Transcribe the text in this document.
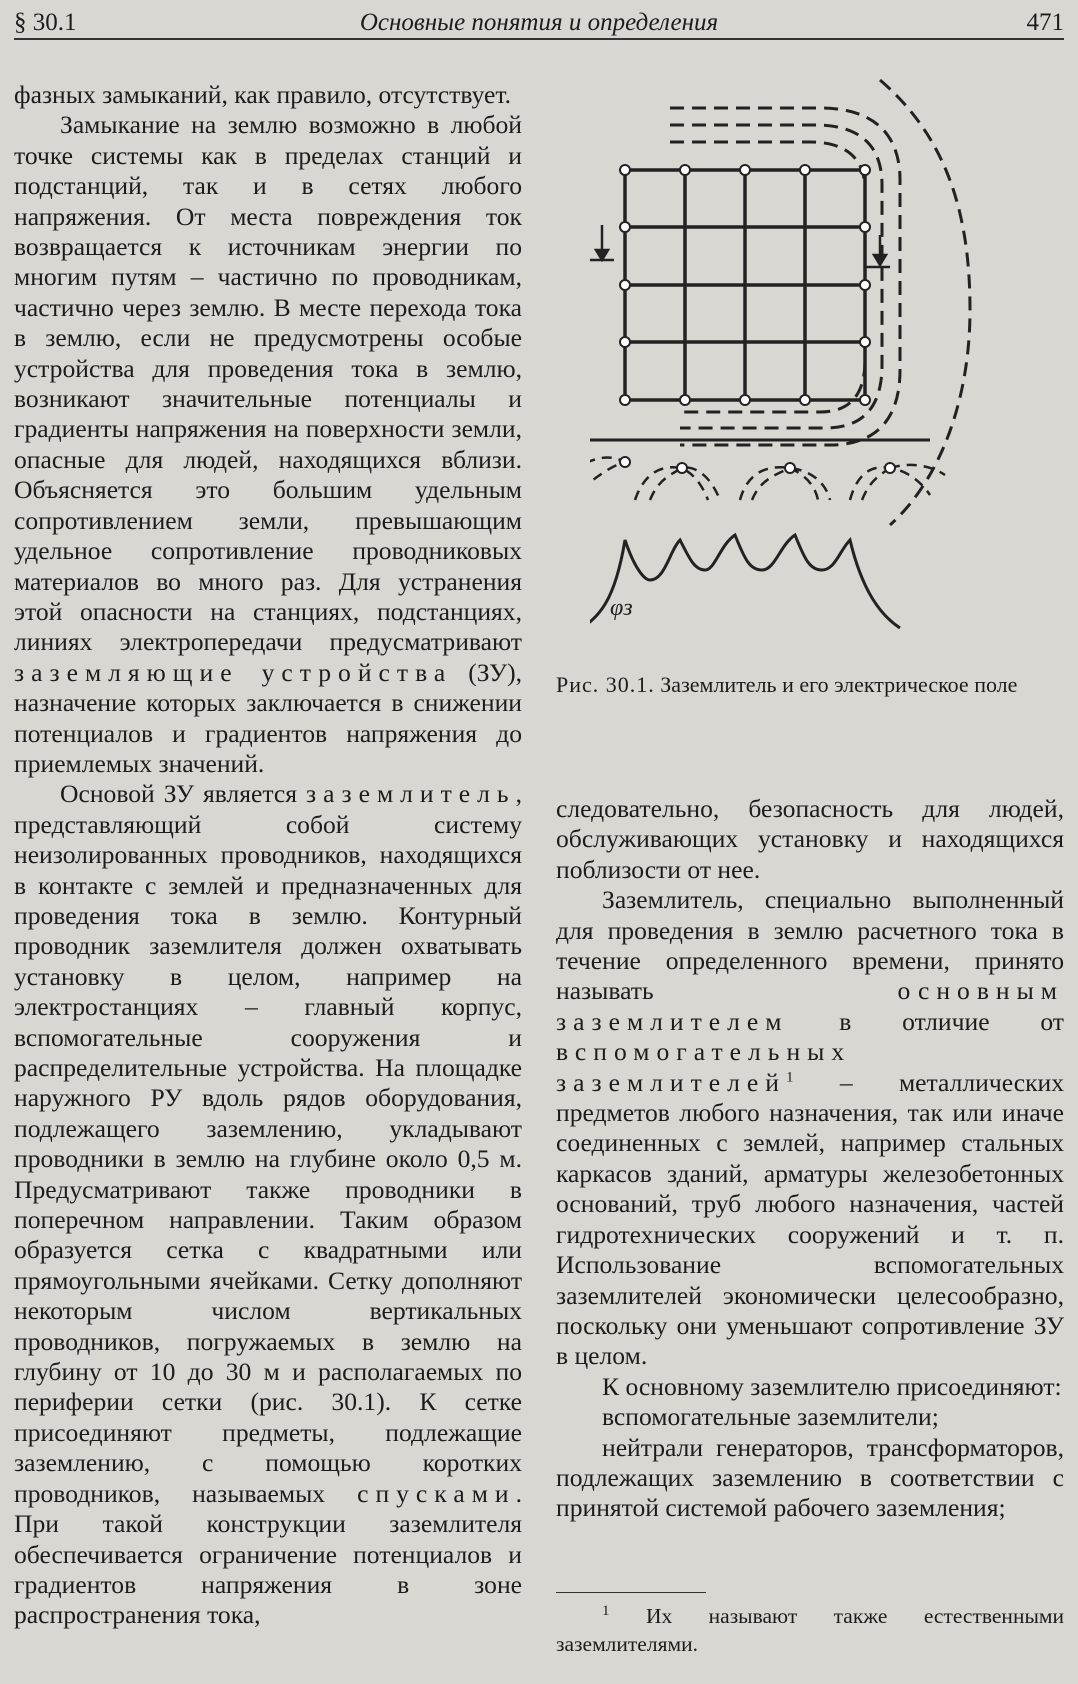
§ 30.1	Основные понятия и определения	471

фазных замыканий, как правило, отсутствует.

Замыкание на землю возможно в любой точке системы как в пределах станций и подстанций, так и в сетях любого напряжения. От места повреждения ток возвращается к источникам энергии по многим путям – частично по проводникам, частично через землю. В месте перехода тока в землю, если не предусмотрены особые устройства для проведения тока в землю, возникают значительные потенциалы и градиенты напряжения на поверхности земли, опасные для людей, находящихся вблизи. Объясняется это большим удельным сопротивлением земли, превышающим удельное сопротивление проводниковых материалов во много раз. Для устранения этой опасности на станциях, подстанциях, линиях электропередачи предусматривают заземляющие устройства (ЗУ), назначение которых заключается в снижении потенциалов и градиентов напряжения до приемлемых значений.

Основой ЗУ является заземлитель, представляющий собой систему неизолированных проводников, находящихся в контакте с землей и предназначенных для проведения тока в землю. Контурный проводник заземлителя должен охватывать установку в целом, например на электростанциях – главный корпус, вспомогательные сооружения и распределительные устройства. На площадке наружного РУ вдоль рядов оборудования, подлежащего заземлению, укладывают проводники в землю на глубине около 0,5 м. Предусматривают также проводники в поперечном направлении. Таким образом образуется сетка с квадратными или прямоугольными ячейками. Сетку дополняют некоторым числом вертикальных проводников, погружаемых в землю на глубину от 10 до 30 м и располагаемых по периферии сетки (рис. 30.1). К сетке присоединяют предметы, подлежащие заземлению, с помощью коротких проводников, называемых спусками. При такой конструкции заземлителя обеспечивается ограничение потенциалов и градиентов напряжения в зоне распространения тока,

φз
Рис. 30.1. Заземлитель и его электрическое поле

следовательно, безопасность для людей, обслуживающих установку и находящихся поблизости от нее.

Заземлитель, специально выполненный для проведения в землю расчетного тока в течение определенного времени, принято называть	основным заземлителем в отличие от вспомогательных заземлителей$^1$ – металлических предметов любого назначения, так или иначе соединенных с землей, например стальных каркасов зданий, арматуры железобетонных оснований, труб любого назначения, частей гидротехнических сооружений и т. п. Использование вспомогательных заземлителей экономически целесообразно, поскольку они уменьшают сопротивление ЗУ в целом.

К основному заземлителю присоединяют:

вспомогательные заземлители;

нейтрали генераторов, трансформаторов, подлежащих заземлению в соответствии с принятой системой рабочего заземления;

$^1$ Их называют также естественными заземлителями.
